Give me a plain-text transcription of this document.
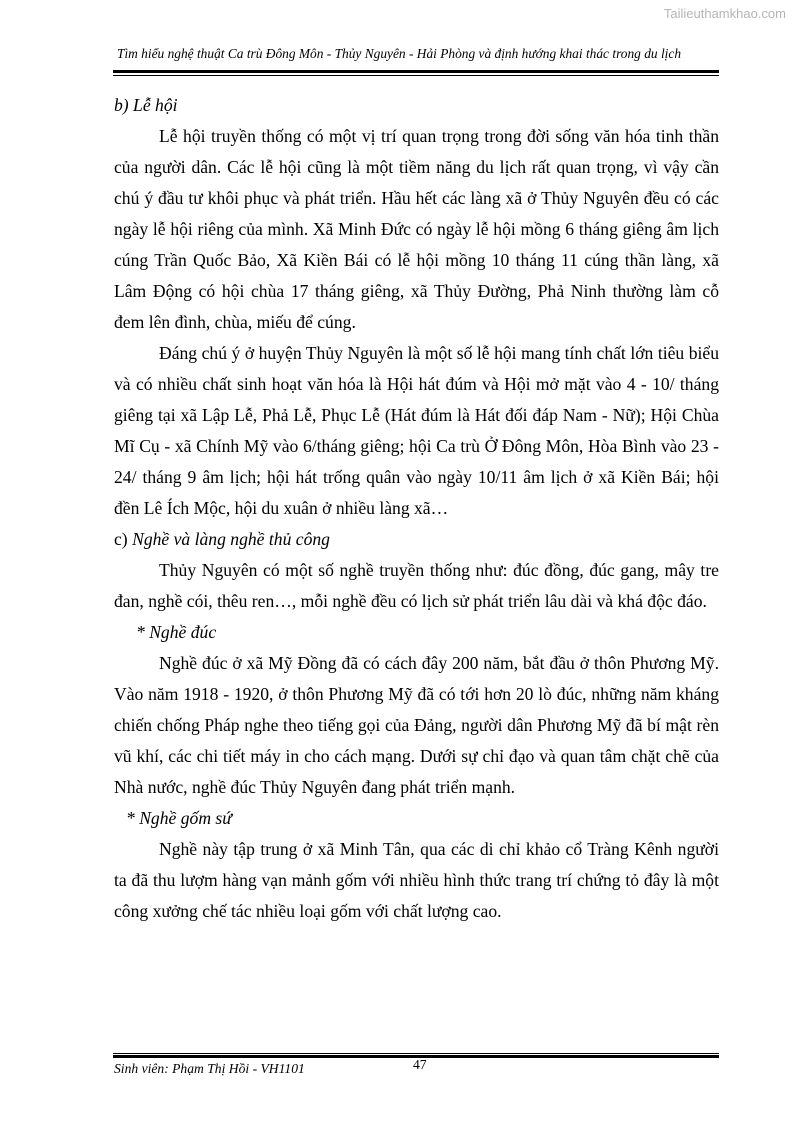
Tailieuthamkhao.com
Tìm hiểu nghệ thuật Ca trù Đông Môn - Thủy Nguyên - Hải Phòng và định hướng khai thác trong du lịch

b) Lễ hội

Lễ hội truyền thống có một vị trí quan trọng trong đời sống văn hóa tinh thần của người dân. Các lễ hội cũng là một tiềm năng du lịch rất quan trọng, vì vậy cần chú ý đầu tư khôi phục và phát triển. Hầu hết các làng xã ở Thủy Nguyên đều có các ngày lễ hội riêng của mình. Xã Minh Đức có ngày lễ hội mồng 6 tháng giêng âm lịch cúng Trần Quốc Bảo, Xã Kiền Bái có lễ hội mồng 10 tháng 11 cúng thần làng, xã Lâm Động có hội chùa 17 tháng giêng, xã Thủy Đường, Phả Ninh thường làm cỗ đem lên đình, chùa, miếu để cúng.

Đáng chú ý ở huyện Thủy Nguyên là một số lễ hội mang tính chất lớn tiêu biểu và có nhiều chất sinh hoạt văn hóa là Hội hát đúm và Hội mở mặt vào 4 - 10/ tháng giêng tại xã Lập Lễ, Phả Lễ, Phục Lễ (Hát đúm là Hát đối đáp Nam - Nữ); Hội Chùa Mĩ Cụ - xã Chính Mỹ vào 6/tháng giêng; hội Ca trù Ở Đông Môn, Hòa Bình vào 23 - 24/ tháng 9 âm lịch; hội hát trống quân vào ngày 10/11 âm lịch ở xã Kiền Bái; hội đền Lê Ích Mộc, hội du xuân ở nhiều làng xã…

c) Nghề và làng nghề thủ công

Thủy Nguyên có một số nghề truyền thống như: đúc đồng, đúc gang, mây tre đan, nghề cói, thêu ren…, mỗi nghề đều có lịch sử phát triển lâu dài và khá độc đáo.

* Nghề đúc

Nghề đúc ở xã Mỹ Đồng đã có cách đây 200 năm, bắt đầu ở thôn Phương Mỹ. Vào năm 1918 - 1920, ở thôn Phương Mỹ đã có tới hơn 20 lò đúc, những năm kháng chiến chống Pháp nghe theo tiếng gọi của Đảng, người dân Phương Mỹ đã bí mật rèn vũ khí, các chi tiết máy in cho cách mạng. Dưới sự chỉ đạo và quan tâm chặt chẽ của Nhà nước, nghề đúc Thủy Nguyên đang phát triển mạnh.

* Nghề gốm sứ

Nghề này tập trung ở xã Minh Tân, qua các di chỉ khảo cổ Tràng Kênh người ta đã thu lượm hàng vạn mảnh gốm với nhiều hình thức trang trí chứng tỏ đây là một công xưởng chế tác nhiều loại gốm với chất lượng cao.

Sinh viên: Phạm Thị Hồi - VH1101	47
